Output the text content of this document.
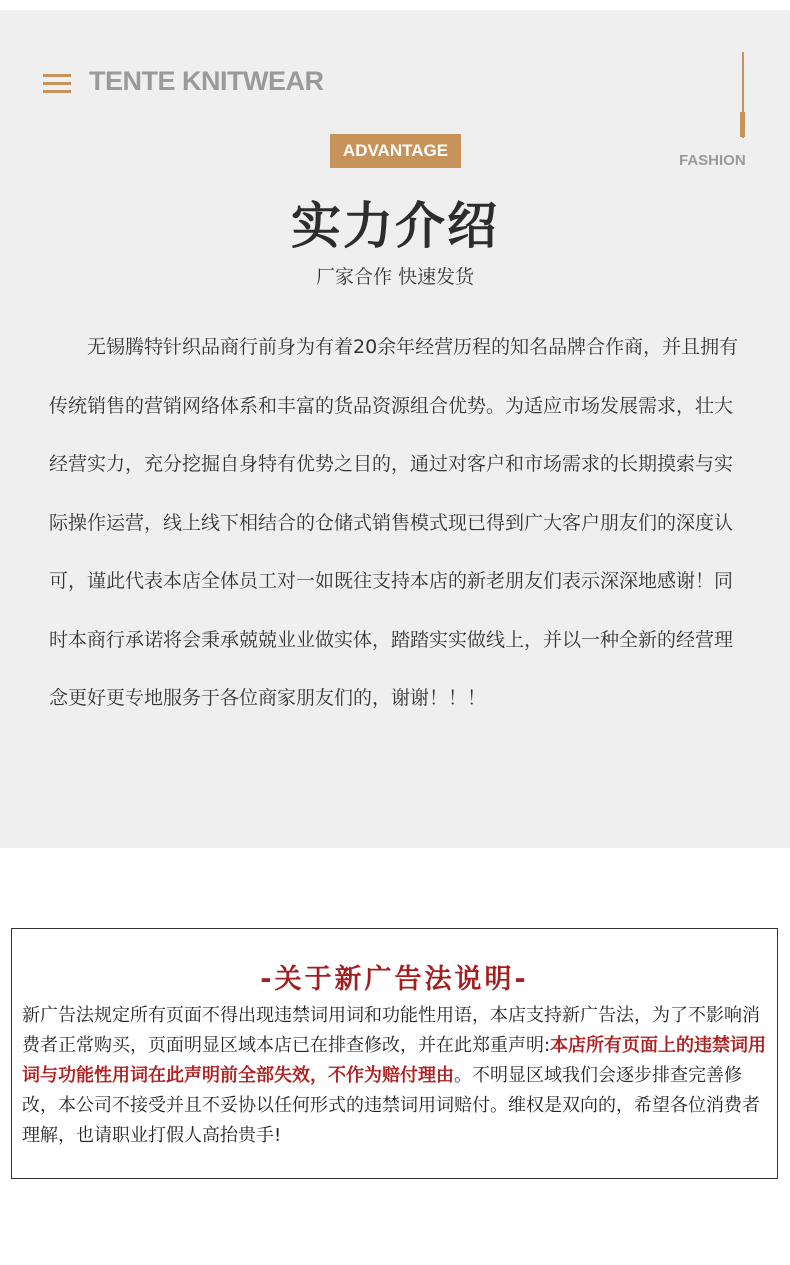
TENTE KNITWEAR
FASHION
ADVANTAGE
实力介绍
厂家合作 快速发货

无锡腾特针织品商行前身为有着20余年经营历程的知名品牌合作商，并且拥有传统销售的营销网络体系和丰富的货品资源组合优势。为适应市场发展需求，壮大经营实力，充分挖掘自身特有优势之目的，通过对客户和市场需求的长期摸索与实际操作运营，线上线下相结合的仓储式销售模式现已得到广大客户朋友们的深度认可，谨此代表本店全体员工对一如既往支持本店的新老朋友们表示深深地感谢！同时本商行承诺将会秉承兢兢业业做实体，踏踏实实做线上，并以一种全新的经营理念更好更专地服务于各位商家朋友们的，谢谢！！！

-关于新广告法说明-

新广告法规定所有页面不得出现违禁词用词和功能性用语，本店支持新广告法，为了不影响消费者正常购买，页面明显区域本店已在排查修改，并在此郑重声明:本店所有页面上的违禁词用词与功能性用词在此声明前全部失效，不作为赔付理由。不明显区域我们会逐步排查完善修改，本公司不接受并且不妥协以任何形式的违禁词用词赔付。维权是双向的，希望各位消费者理解，也请职业打假人高抬贵手!
